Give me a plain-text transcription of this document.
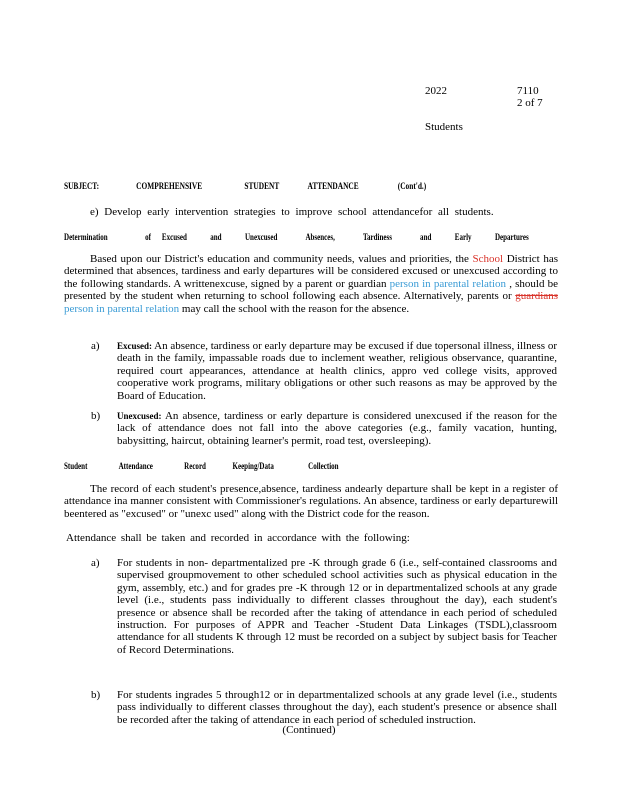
2022	7110
2 of 7
Students
SUBJECT:	COMPREHENSIVE	STUDENT	ATTENDANCE	(Cont'd.)
e) Develop early intervention strategies to improve school attendancefor all students.
Determination	of Excused	and	Unexcused	Absences,	Tardiness	and	Early	Departures
Based upon our District's education and community needs, values and priorities, the School District has determined that absences, tardiness and early departures will be considered excused or unexcused according to the following standards. A writtenexcuse, signed by a parent or guardian person in parental relation , should be presented by the student when returning to school following each absence. Alternatively, parents or guardians person in parental relation may call the school with the reason for the absence.
a) Excused: An absence, tardiness or early departure may be excused if due topersonal illness, illness or death in the family, impassable roads due to inclement weather, religious observance, quarantine, required court appearances, attendance at health clinics, appro ved college visits, approved cooperative work programs, military obligations or other such reasons as may be approved by the Board of Education.
b) Unexcused: An absence, tardiness or early departure is considered unexcused if the reason for the lack of attendance does not fall into the above categories (e.g., family vacation, hunting, babysitting, haircut, obtaining learner's permit, road test, oversleeping).
Student	Attendance	Record	Keeping/Data	Collection
The record of each student's presence,absence, tardiness andearly departure shall be kept in a register of attendance ina manner consistent with Commissioner's regulations. An absence, tardiness or early departurewill beentered as "excused" or "unexc used" along with the District code for the reason.
Attendance shall be taken and recorded in accordance with the following:
a) For students in non- departmentalized pre -K through grade 6 (i.e., self-contained classrooms and supervised groupmovement to other scheduled school activities such as physical education in the gym, assembly, etc.) and for grades pre -K through 12 or in departmentalized schools at any grade level (i.e., students pass individually to different classes throughout the day), each student's presence or absence shall be recorded after the taking of attendance in each period of scheduled instruction. For purposes of APPR and Teacher -Student Data Linkages (TSDL),classroom attendance for all students K through 12 must be recorded on a subject by subject basis for Teacher of Record Determinations.
b) For students ingrades 5 through12 or in departmentalized schools at any grade level (i.e., students pass individually to different classes throughout the day), each student's presence or absence shall be recorded after the taking of attendance in each period of scheduled instruction.
(Continued)
